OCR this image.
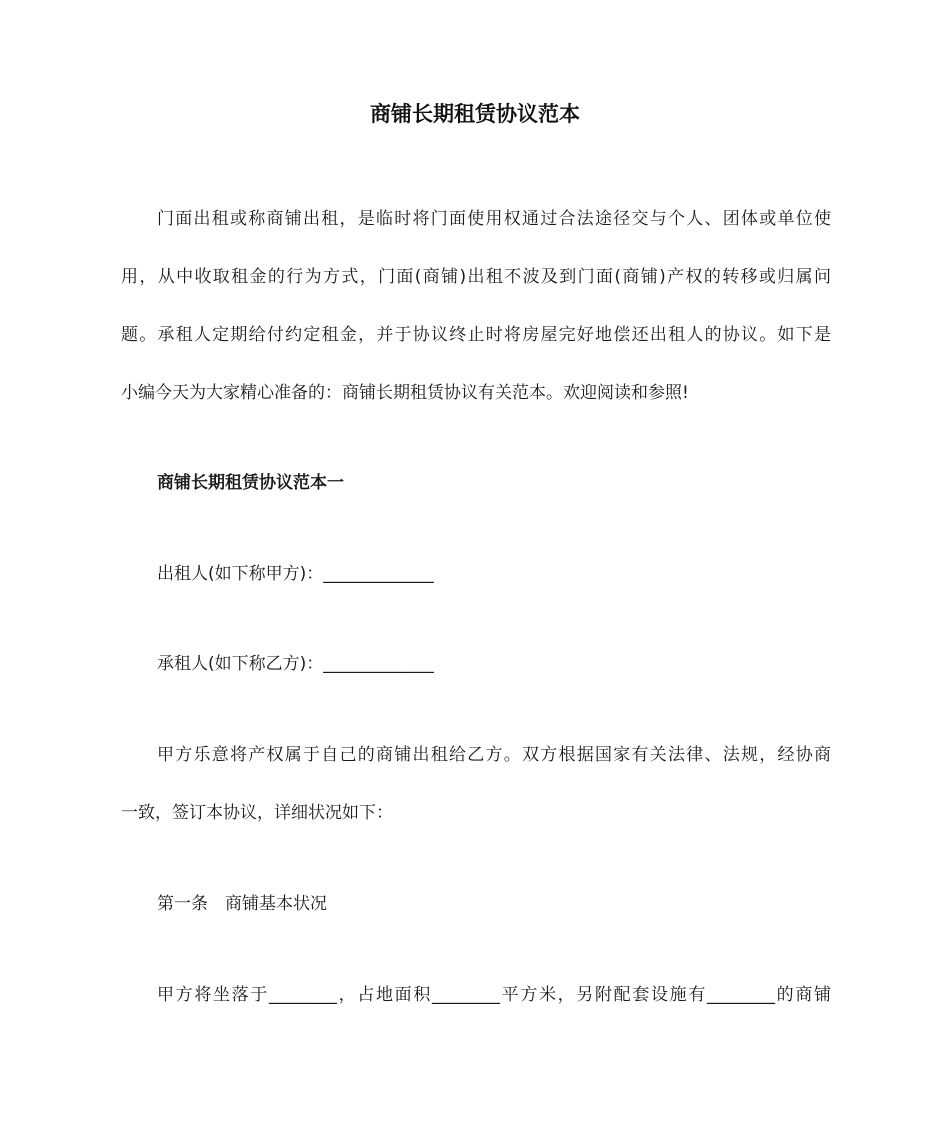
商铺长期租赁协议范本
门面出租或称商铺出租，是临时将门面使用权通过合法途径交与个人、团体或单位使
用，从中收取租金的行为方式，门面(商铺)出租不波及到门面(商铺)产权的转移或归属问
题。承租人定期给付约定租金，并于协议终止时将房屋完好地偿还出租人的协议。如下是
小编今天为大家精心准备的：商铺长期租赁协议有关范本。欢迎阅读和参照!
商铺长期租赁协议范本一
出租人(如下称甲方)：_____________
承租人(如下称乙方)：_____________
甲方乐意将产权属于自己的商铺出租给乙方。双方根据国家有关法律、法规，经协商
一致，签订本协议，详细状况如下：
第一条　商铺基本状况
甲方将坐落于________，占地面积________平方米，另附配套设施有________的商铺
